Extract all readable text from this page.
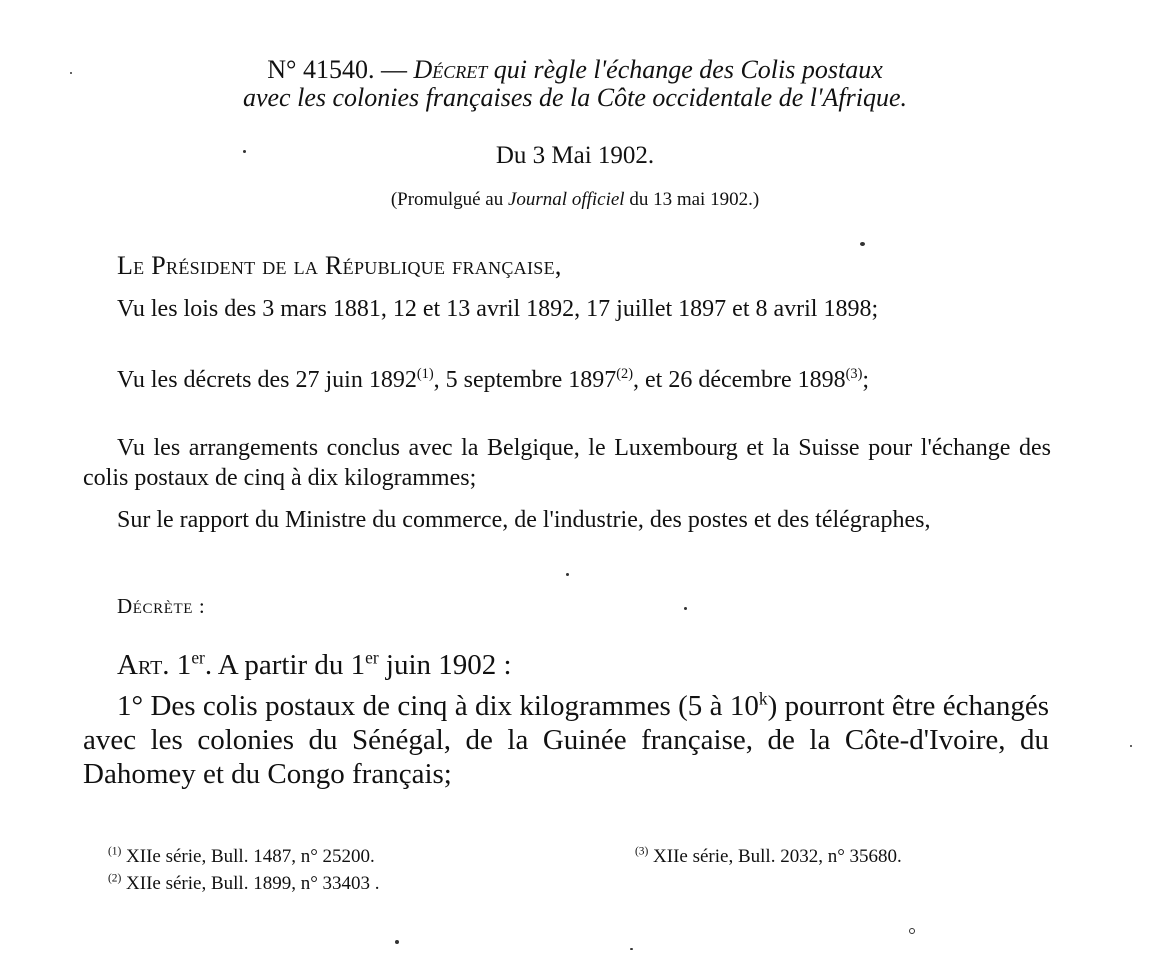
N° 41540. — Décret qui règle l'échange des Colis postaux
avec les colonies françaises de la Côte occidentale de l'Afrique.
Du 3 Mai 1902.
(Promulgué au Journal officiel du 13 mai 1902.)
Le Président de la République française,
Vu les lois des 3 mars 1881, 12 et 13 avril 1892, 17 juillet 1897 et 8 avril 1898;
Vu les décrets des 27 juin 1892$^{(1)}$, 5 septembre 1897$^{(2)}$, et 26 décembre 1898$^{(3)}$;
Vu les arrangements conclus avec la Belgique, le Luxembourg et la Suisse pour l'échange des colis postaux de cinq à dix kilogrammes;
Sur le rapport du Ministre du commerce, de l'industrie, des postes et des télégraphes,
Décrète :
Art. 1er. A partir du 1er juin 1902 :
1° Des colis postaux de cinq à dix kilogrammes (5 à 10$^k$) pourront être échangés avec les colonies du Sénégal, de la Guinée française, de la Côte-d'Ivoire, du Dahomey et du Congo français;
$^{(1)}$ XIIe série, Bull. 1487, n° 25200.
$^{(2)}$ XIIe série, Bull. 1899, n° 33403 .
$^{(3)}$ XIIe série, Bull. 2032, n° 35680.
